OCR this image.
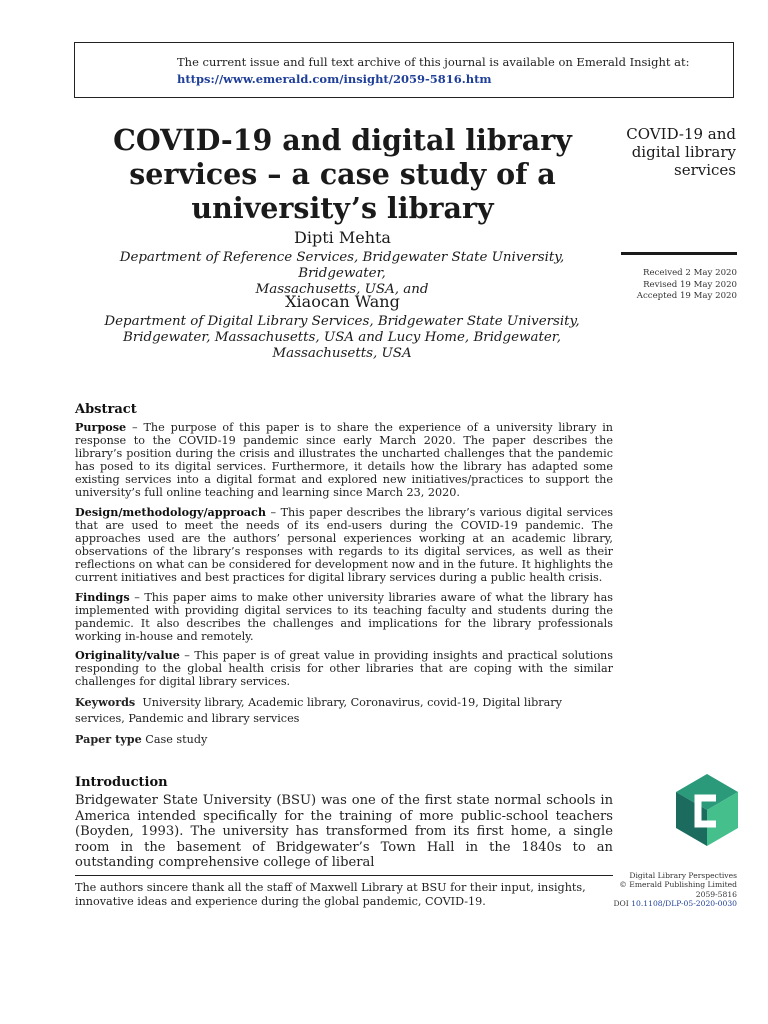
The current issue and full text archive of this journal is available on Emerald Insight at:
https://www.emerald.com/insight/2059-5816.htm
COVID-19 and digital library
services – a case study of a
university’s library
Dipti Mehta
Department of Reference Services, Bridgewater State University, Bridgewater,
Massachusetts, USA, and
Xiaocan Wang
Department of Digital Library Services, Bridgewater State University,
Bridgewater, Massachusetts, USA and Lucy Home, Bridgewater,
Massachusetts, USA
COVID-19 and
digital library
services
Received 2 May 2020
Revised 19 May 2020
Accepted 19 May 2020
Abstract
Purpose – The purpose of this paper is to share the experience of a university library in response to the COVID-19 pandemic since early March 2020. The paper describes the library’s position during the crisis and illustrates the uncharted challenges that the pandemic has posed to its digital services. Furthermore, it details how the library has adapted some existing services into a digital format and explored new initiatives/practices to support the university’s full online teaching and learning since March 23, 2020.
Design/methodology/approach – This paper describes the library’s various digital services that are used to meet the needs of its end-users during the COVID-19 pandemic. The approaches used are the authors’ personal experiences working at an academic library, observations of the library’s responses with regards to its digital services, as well as their reflections on what can be considered for development now and in the future. It highlights the current initiatives and best practices for digital library services during a public health crisis.
Findings – This paper aims to make other university libraries aware of what the library has implemented with providing digital services to its teaching faculty and students during the pandemic. It also describes the challenges and implications for the library professionals working in-house and remotely.
Originality/value – This paper is of great value in providing insights and practical solutions responding to the global health crisis for other libraries that are coping with the similar challenges for digital library services.
Keywords University library, Academic library, Coronavirus, covid-19, Digital library services, Pandemic and library services
Paper type Case study
Introduction
Bridgewater State University (BSU) was one of the first state normal schools in America intended specifically for the training of more public-school teachers (Boyden, 1993). The university has transformed from its first home, a single room in the basement of Bridgewater’s Town Hall in the 1840s to an outstanding comprehensive college of liberal
The authors sincere thank all the staff of Maxwell Library at BSU for their input, insights, innovative ideas and experience during the global pandemic, COVID-19.
Digital Library Perspectives
© Emerald Publishing Limited
2059-5816
DOI 10.1108/DLP-05-2020-0030
